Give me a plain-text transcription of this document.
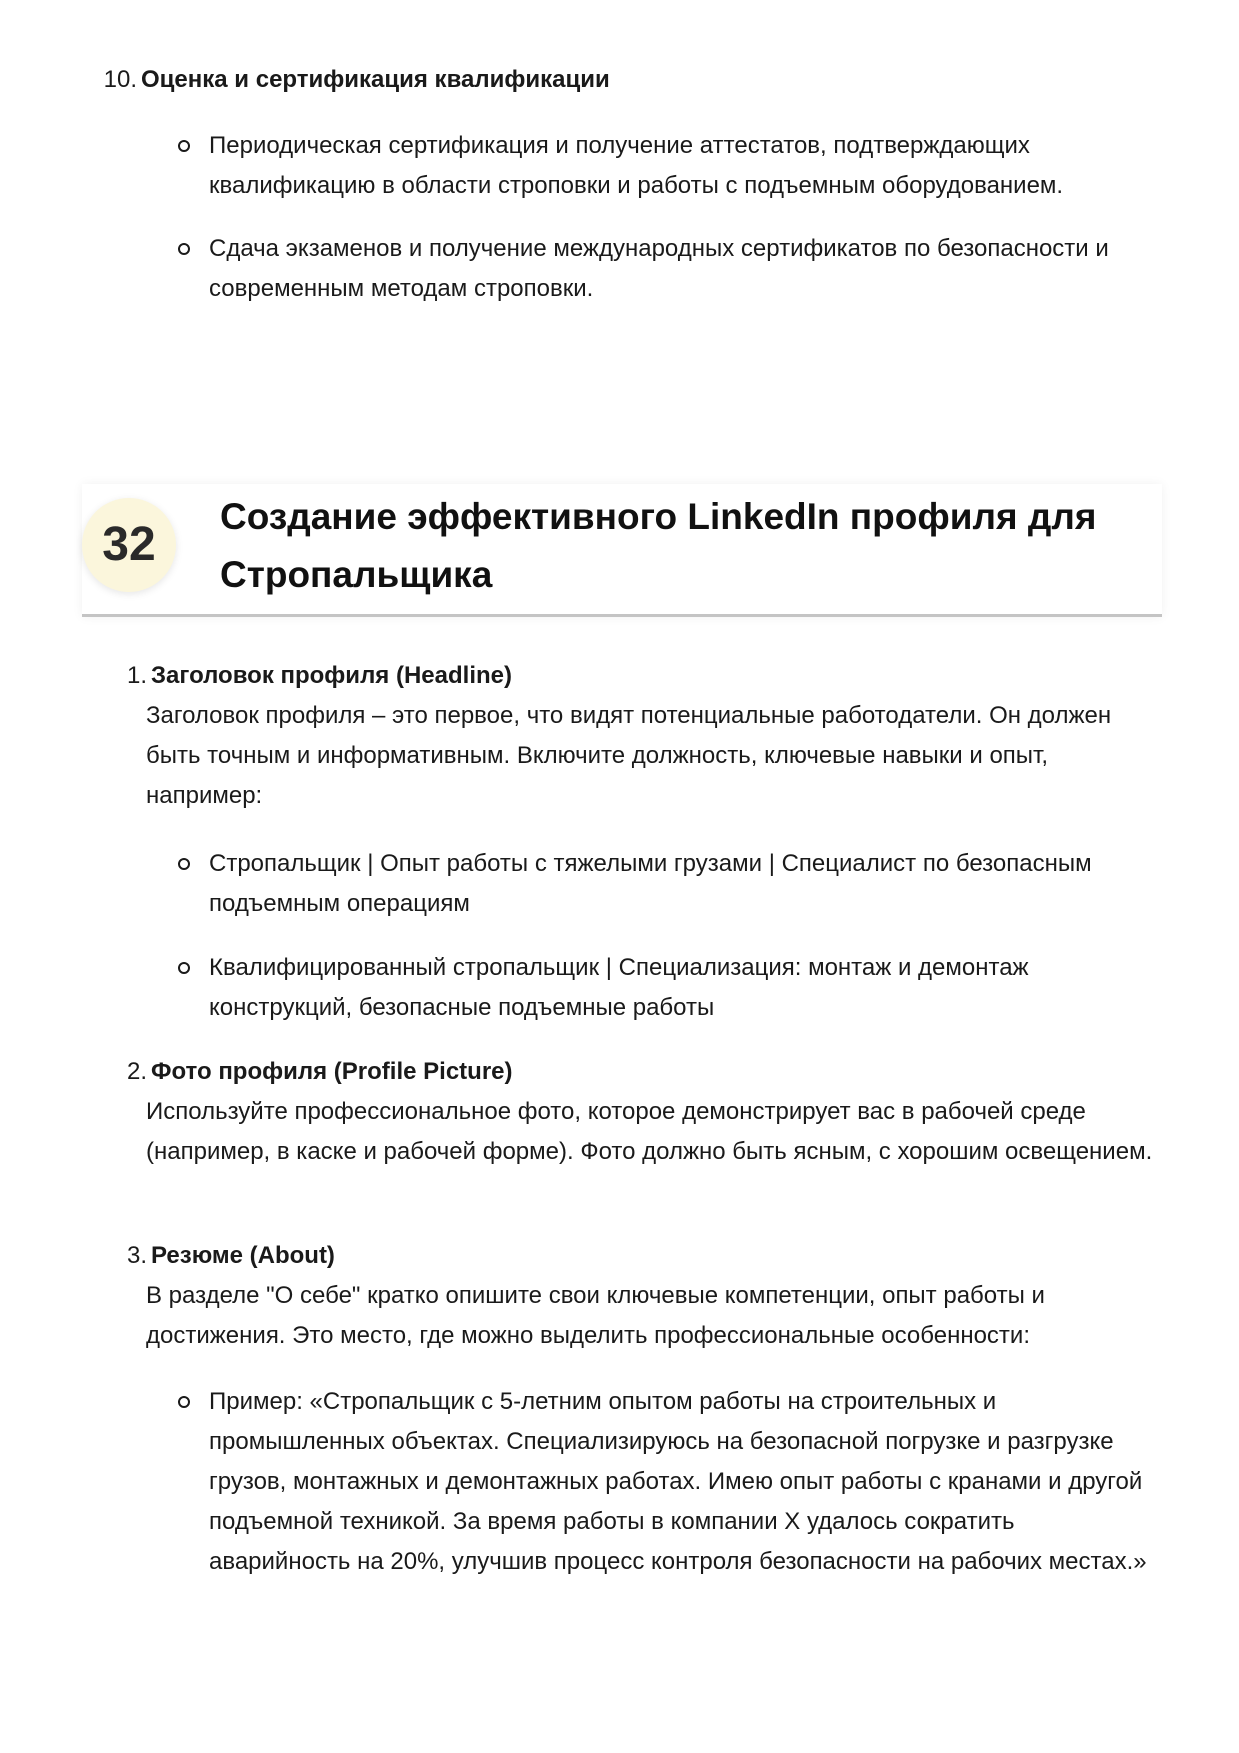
10. Оценка и сертификация квалификации
Периодическая сертификация и получение аттестатов, подтверждающих квалификацию в области строповки и работы с подъемным оборудованием.
Сдача экзаменов и получение международных сертификатов по безопасности и современным методам строповки.
32
Создание эффективного LinkedIn профиля для Стропальщика
1. Заголовок профиля (Headline)
Заголовок профиля – это первое, что видят потенциальные работодатели. Он должен быть точным и информативным. Включите должность, ключевые навыки и опыт, например:
Стропальщик | Опыт работы с тяжелыми грузами | Специалист по безопасным подъемным операциям
Квалифицированный стропальщик | Специализация: монтаж и демонтаж конструкций, безопасные подъемные работы
2. Фото профиля (Profile Picture)
Используйте профессиональное фото, которое демонстрирует вас в рабочей среде (например, в каске и рабочей форме). Фото должно быть ясным, с хорошим освещением.
3. Резюме (About)
В разделе "О себе" кратко опишите свои ключевые компетенции, опыт работы и достижения. Это место, где можно выделить профессиональные особенности:
Пример: «Стропальщик с 5-летним опытом работы на строительных и промышленных объектах. Специализируюсь на безопасной погрузке и разгрузке грузов, монтажных и демонтажных работах. Имею опыт работы с кранами и другой подъемной техникой. За время работы в компании X удалось сократить аварийность на 20%, улучшив процесс контроля безопасности на рабочих местах.»
